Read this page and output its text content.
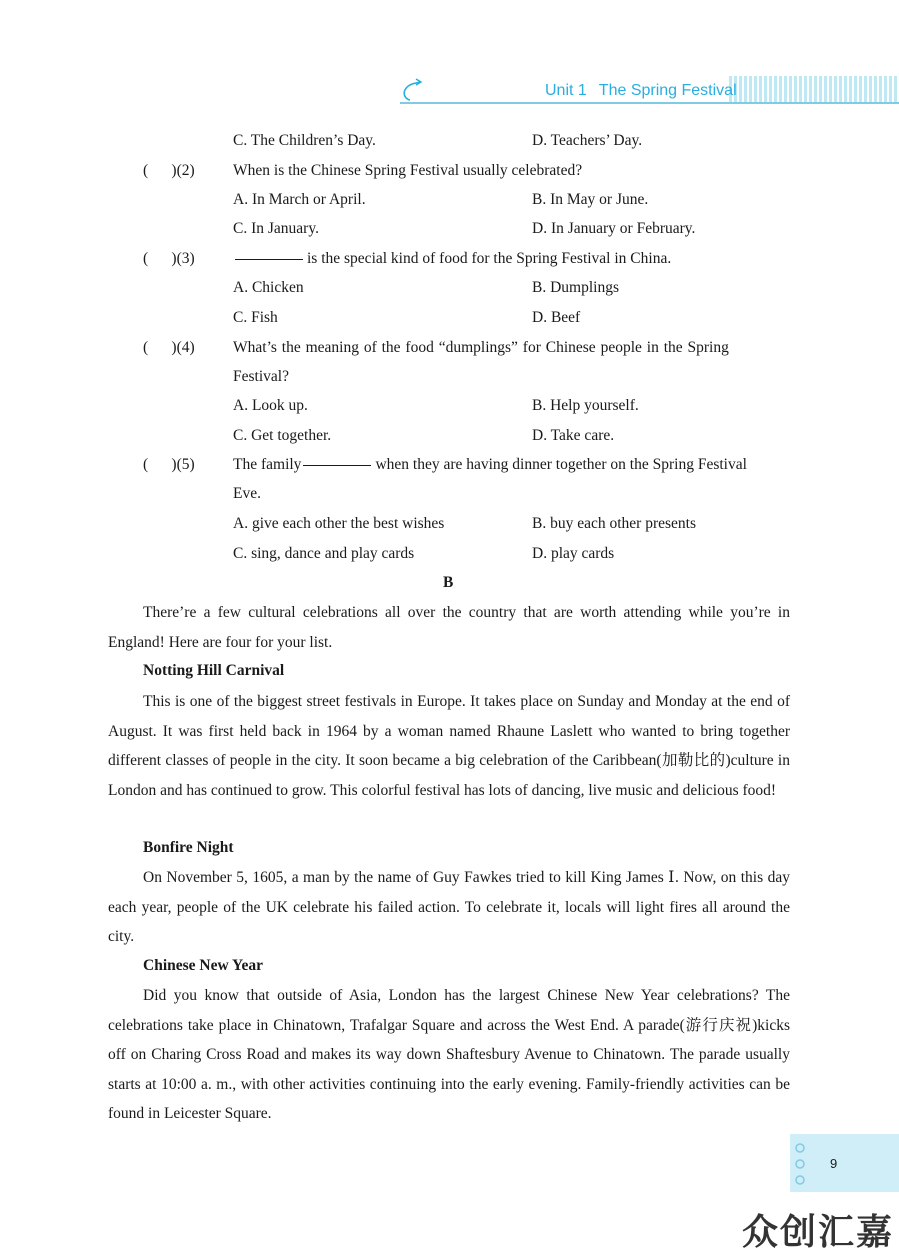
Unit 1 The Spring Festival
C. The Children’s Day.	D. Teachers’ Day.
(      )(2) When is the Chinese Spring Festival usually celebrated?
A. In March or April.	B. In May or June.
C. In January.	D. In January or February.
(      )(3)	is the special kind of food for the Spring Festival in China.
A. Chicken	B. Dumplings
C. Fish	D. Beef
(      )(4) What’s the meaning of the food “dumplings” for Chinese people in the Spring
Festival?
A. Look up.	B. Help yourself.
C. Get together.	D. Take care.
(      )(5) The family	when they are having dinner together on the Spring Festival
Eve.
A. give each other the best wishes	B. buy each other presents
C. sing, dance and play cards	D. play cards
B
There’re a few cultural celebrations all over the country that are worth attending while you’re in England! Here are four for your list.
Notting Hill Carnival
This is one of the biggest street festivals in Europe. It takes place on Sunday and Monday at the end of August. It was first held back in 1964 by a woman named Rhaune Laslett who wanted to bring together different classes of people in the city. It soon became a big celebration of the Caribbean(加勒比的)culture in London and has continued to grow. This colorful festival has lots of dancing, live music and delicious food!
Bonfire Night
On November 5, 1605, a man by the name of Guy Fawkes tried to kill King James Ⅰ. Now, on this day each year, people of the UK celebrate his failed action. To celebrate it, locals will light fires all around the city.
Chinese New Year
Did you know that outside of Asia, London has the largest Chinese New Year celebrations? The celebrations take place in Chinatown, Trafalgar Square and across the West End. A parade(游行庆祝)kicks off on Charing Cross Road and makes its way down Shaftesbury Avenue to Chinatown. The parade usually starts at 10:00 a. m., with other activities continuing into the early evening. Family-friendly activities can be found in Leicester Square.
9
众创汇嘉
